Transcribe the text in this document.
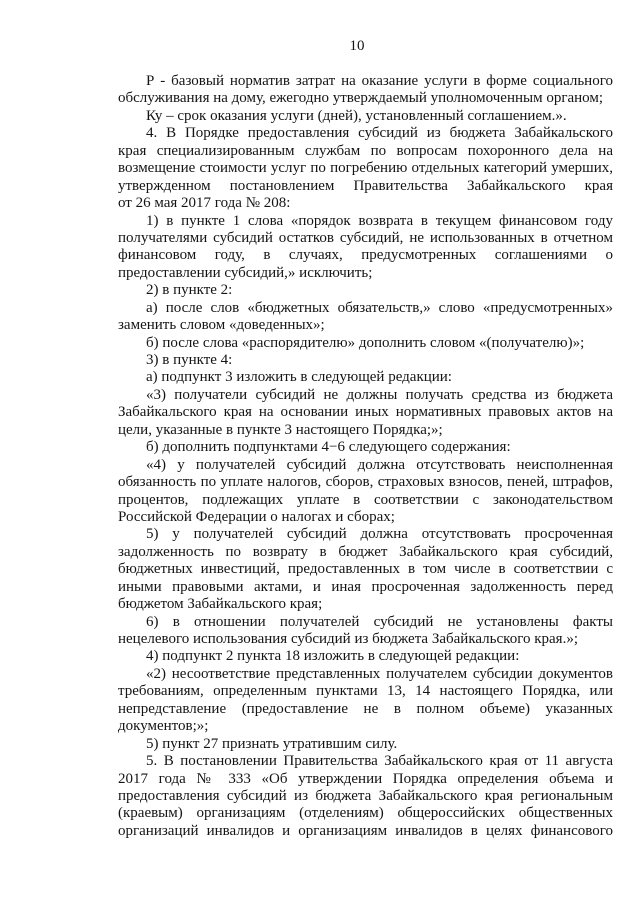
10
Р - базовый норматив затрат на оказание услуги в форме социального
обслуживания на дому, ежегодно утверждаемый уполномоченным органом;
Ку – срок оказания услуги (дней), установленный соглашением.».
4. В Порядке предоставления субсидий из бюджета Забайкальского
края специализированным службам по вопросам похоронного дела на
возмещение стоимости услуг по погребению отдельных категорий умерших,
утвержденном постановлением Правительства Забайкальского края
от 26 мая 2017 года № 208:
1) в пункте 1 слова «порядок возврата в текущем финансовом году
получателями субсидий остатков субсидий, не использованных в отчетном
финансовом году, в случаях, предусмотренных соглашениями о
предоставлении субсидий,» исключить;
2) в пункте 2:
а) после слов «бюджетных обязательств,» слово «предусмотренных»
заменить словом «доведенных»;
б) после слова «распорядителю» дополнить словом «(получателю)»;
3) в пункте 4:
а) подпункт 3 изложить в следующей редакции:
«3) получатели субсидий не должны получать средства из бюджета
Забайкальского края на основании иных нормативных правовых актов на
цели, указанные в пункте 3 настоящего Порядка;»;
б) дополнить подпунктами 4−6 следующего содержания:
«4) у получателей субсидий должна отсутствовать неисполненная
обязанность по уплате налогов, сборов, страховых взносов, пеней, штрафов,
процентов, подлежащих уплате в соответствии с законодательством
Российской Федерации о налогах и сборах;
5) у получателей субсидий должна отсутствовать просроченная
задолженность по возврату в бюджет Забайкальского края субсидий,
бюджетных инвестиций, предоставленных в том числе в соответствии с
иными правовыми актами, и иная просроченная задолженность перед
бюджетом Забайкальского края;
6) в отношении получателей субсидий не установлены факты
нецелевого использования субсидий из бюджета Забайкальского края.»;
4) подпункт 2 пункта 18 изложить в следующей редакции:
«2) несоответствие представленных получателем субсидии документов
требованиям, определенным пунктами 13, 14 настоящего Порядка, или
непредставление (предоставление не в полном объеме) указанных
документов;»;
5) пункт 27 признать утратившим силу.
5. В постановлении Правительства Забайкальского края от 11 августа
2017 года № 333 «Об утверждении Порядка определения объема и
предоставления субсидий из бюджета Забайкальского края региональным
(краевым) организациям (отделениям) общероссийских общественных
организаций инвалидов и организациям инвалидов в целях финансового
